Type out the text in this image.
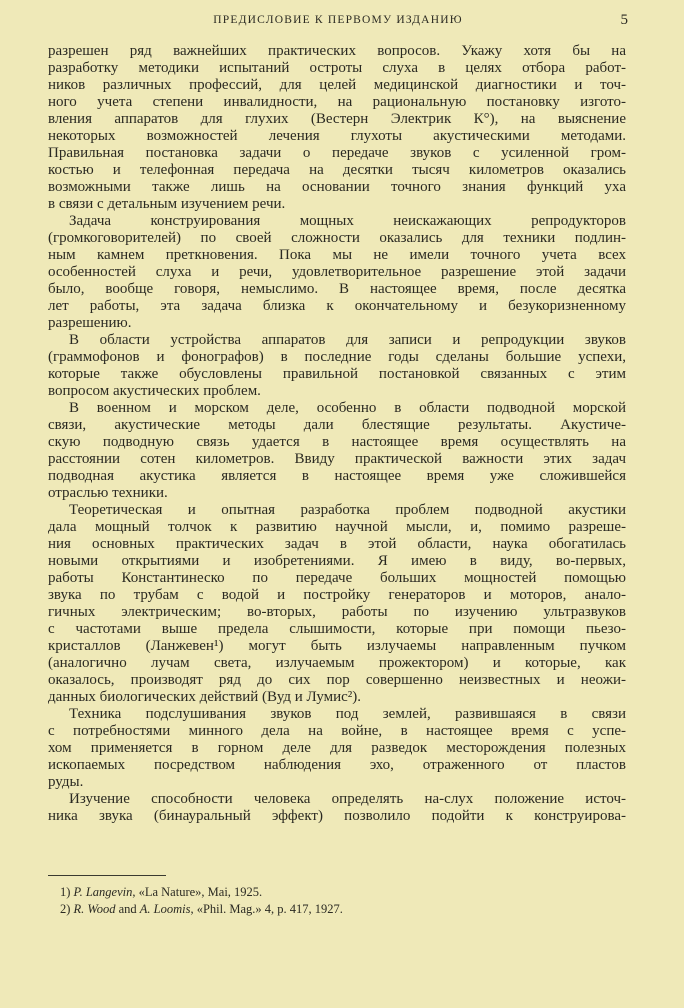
ПРЕДИСЛОВИЕ К ПЕРВОМУ ИЗДАНИЮ	5
разрешен ряд важнейших практических вопросов. Укажу хотя бы на
разработку методики испытаний остроты слуха в целях отбора работ-
ников различных профессий, для целей медицинской диагностики и точ-
ного учета степени инвалидности, на рациональную постановку изгото-
вления аппаратов для глухих (Вестерн Электрик К°), на выяснение
некоторых возможностей лечения глухоты акустическими методами.
Правильная постановка задачи о передаче звуков с усиленной гром-
костью и телефонная передача на десятки тысяч километров оказались
возможными также лишь на основании точного знания функций уха
в связи с детальным изучением речи.
Задача конструирования мощных неискажающих репродукторов
(громкоговорителей) по своей сложности оказались для техники подлин-
ным камнем преткновения. Пока мы не имели точного учета всех
особенностей слуха и речи, удовлетворительное разрешение этой задачи
было, вообще говоря, немыслимо. В настоящее время, после десятка
лет работы, эта задача близка к окончательному и безукоризненному
разрешению.
В области устройства аппаратов для записи и репродукции звуков
(граммофонов и фонографов) в последние годы сделаны большие успехи,
которые также обусловлены правильной постановкой связанных с этим
вопросом акустических проблем.
В военном и морском деле, особенно в области подводной морской
связи, акустические методы дали блестящие результаты. Акустиче-
скую подводную связь удается в настоящее время осуществлять на
расстоянии сотен километров. Ввиду практической важности этих задач
подводная акустика является в настоящее время уже сложившейся
отраслью техники.
Теоретическая и опытная разработка проблем подводной акустики
дала мощный толчок к развитию научной мысли, и, помимо разреше-
ния основных практических задач в этой области, наука обогатилась
новыми открытиями и изобретениями. Я имею в виду, во-первых,
работы Константинеско по передаче больших мощностей помощью
звука по трубам с водой и постройку генераторов и моторов, анало-
гичных электрическим; во-вторых, работы по изучению ультразвуков
с частотами выше предела слышимости, которые при помощи пьезо-
кристаллов (Ланжевен¹) могут быть излучаемы направленным пучком
(аналогично лучам света, излучаемым прожектором) и которые, как
оказалось, производят ряд до сих пор совершенно неизвестных и неожи-
данных биологических действий (Вуд и Лумис²).
Техника подслушивания звуков под землей, развившаяся в связи
с потребностями минного дела на войне, в настоящее время с успе-
хом применяется в горном деле для разведок месторождения полезных
ископаемых посредством наблюдения эхо, отраженного от пластов
руды.
Изучение способности человека определять на-слух положение источ-
ника звука (бинауральный эффект) позволило подойти к конструирова-
1) P. Langevin, «La Nature», Mai, 1925.
2) R. Wood and A. Loomis, «Phil. Mag.» 4, p. 417, 1927.
